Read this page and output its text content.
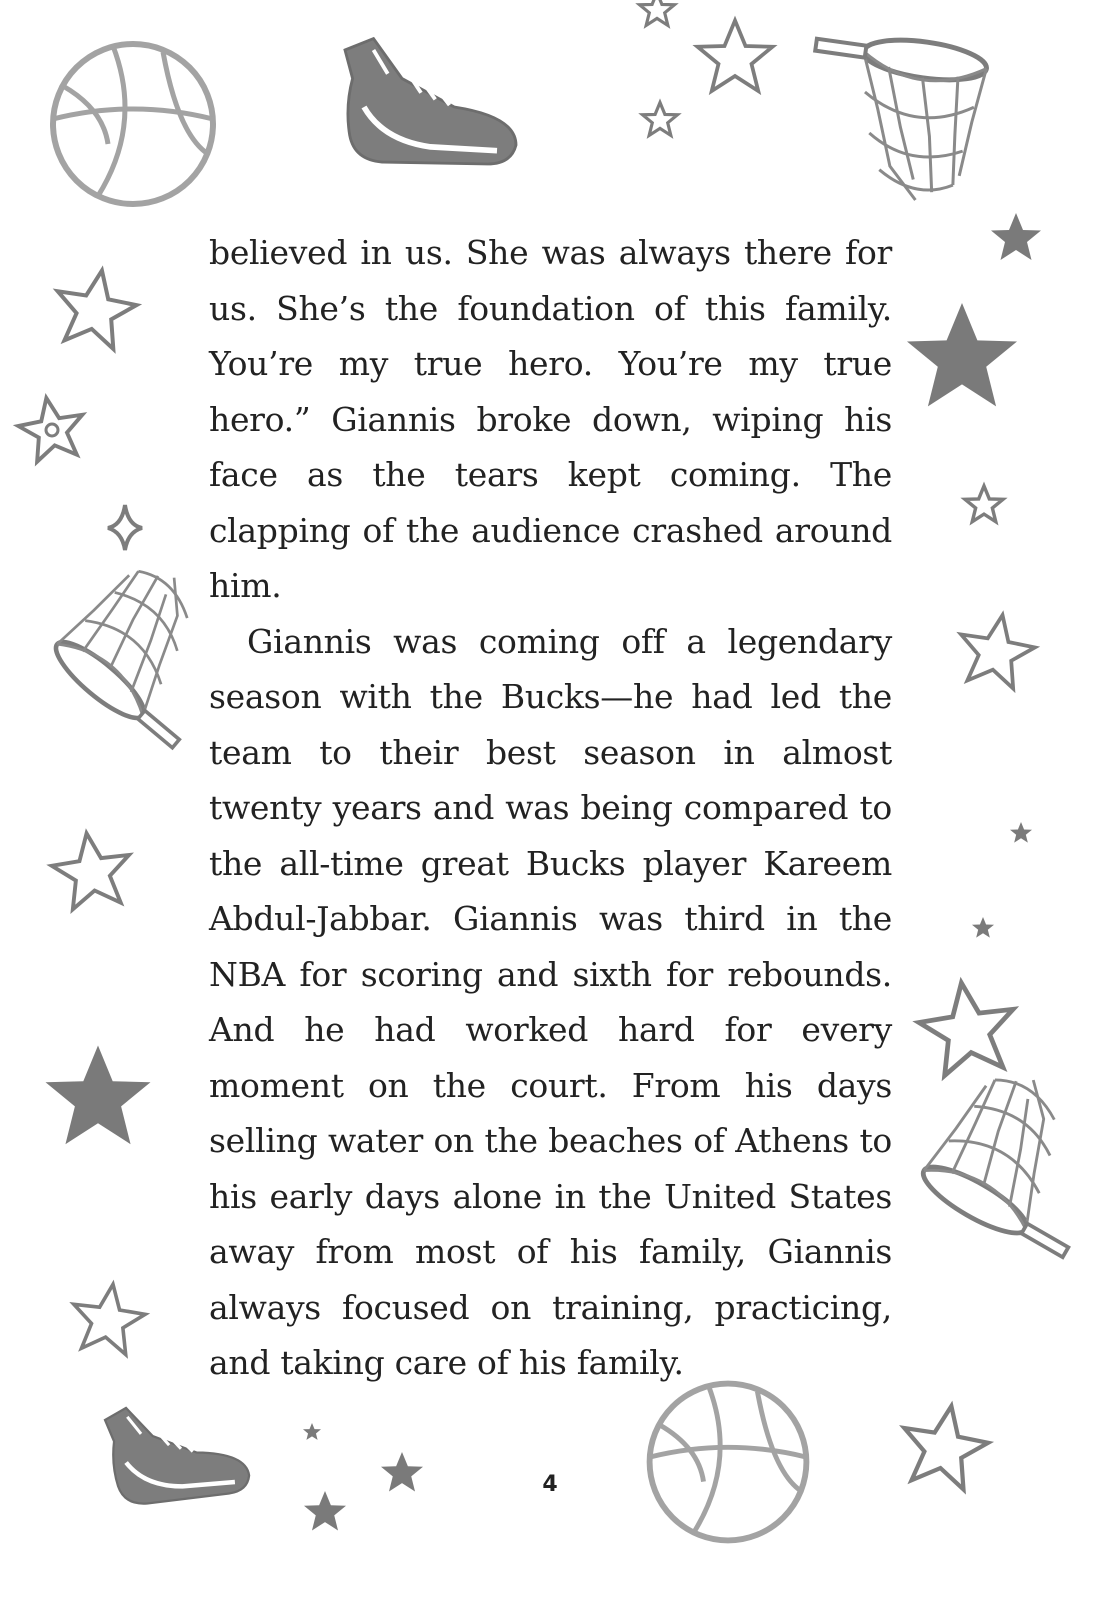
believed in us. She was always there for us. She’s the foundation of this family. You’re my true hero. You’re my true hero.” Giannis broke down, wiping his face as the tears kept coming. The clapping of the audience crashed around him.

Giannis was coming off a legendary season with the Bucks—he had led the team to their best season in almost twenty years and was being compared to the all-time great Bucks player Kareem Abdul-Jabbar. Giannis was third in the NBA for scoring and sixth for rebounds. And he had worked hard for every moment on the court. From his days selling water on the beaches of Athens to his early days alone in the United States away from most of his family, Giannis always focused on training, practicing, and taking care of his family.

4
